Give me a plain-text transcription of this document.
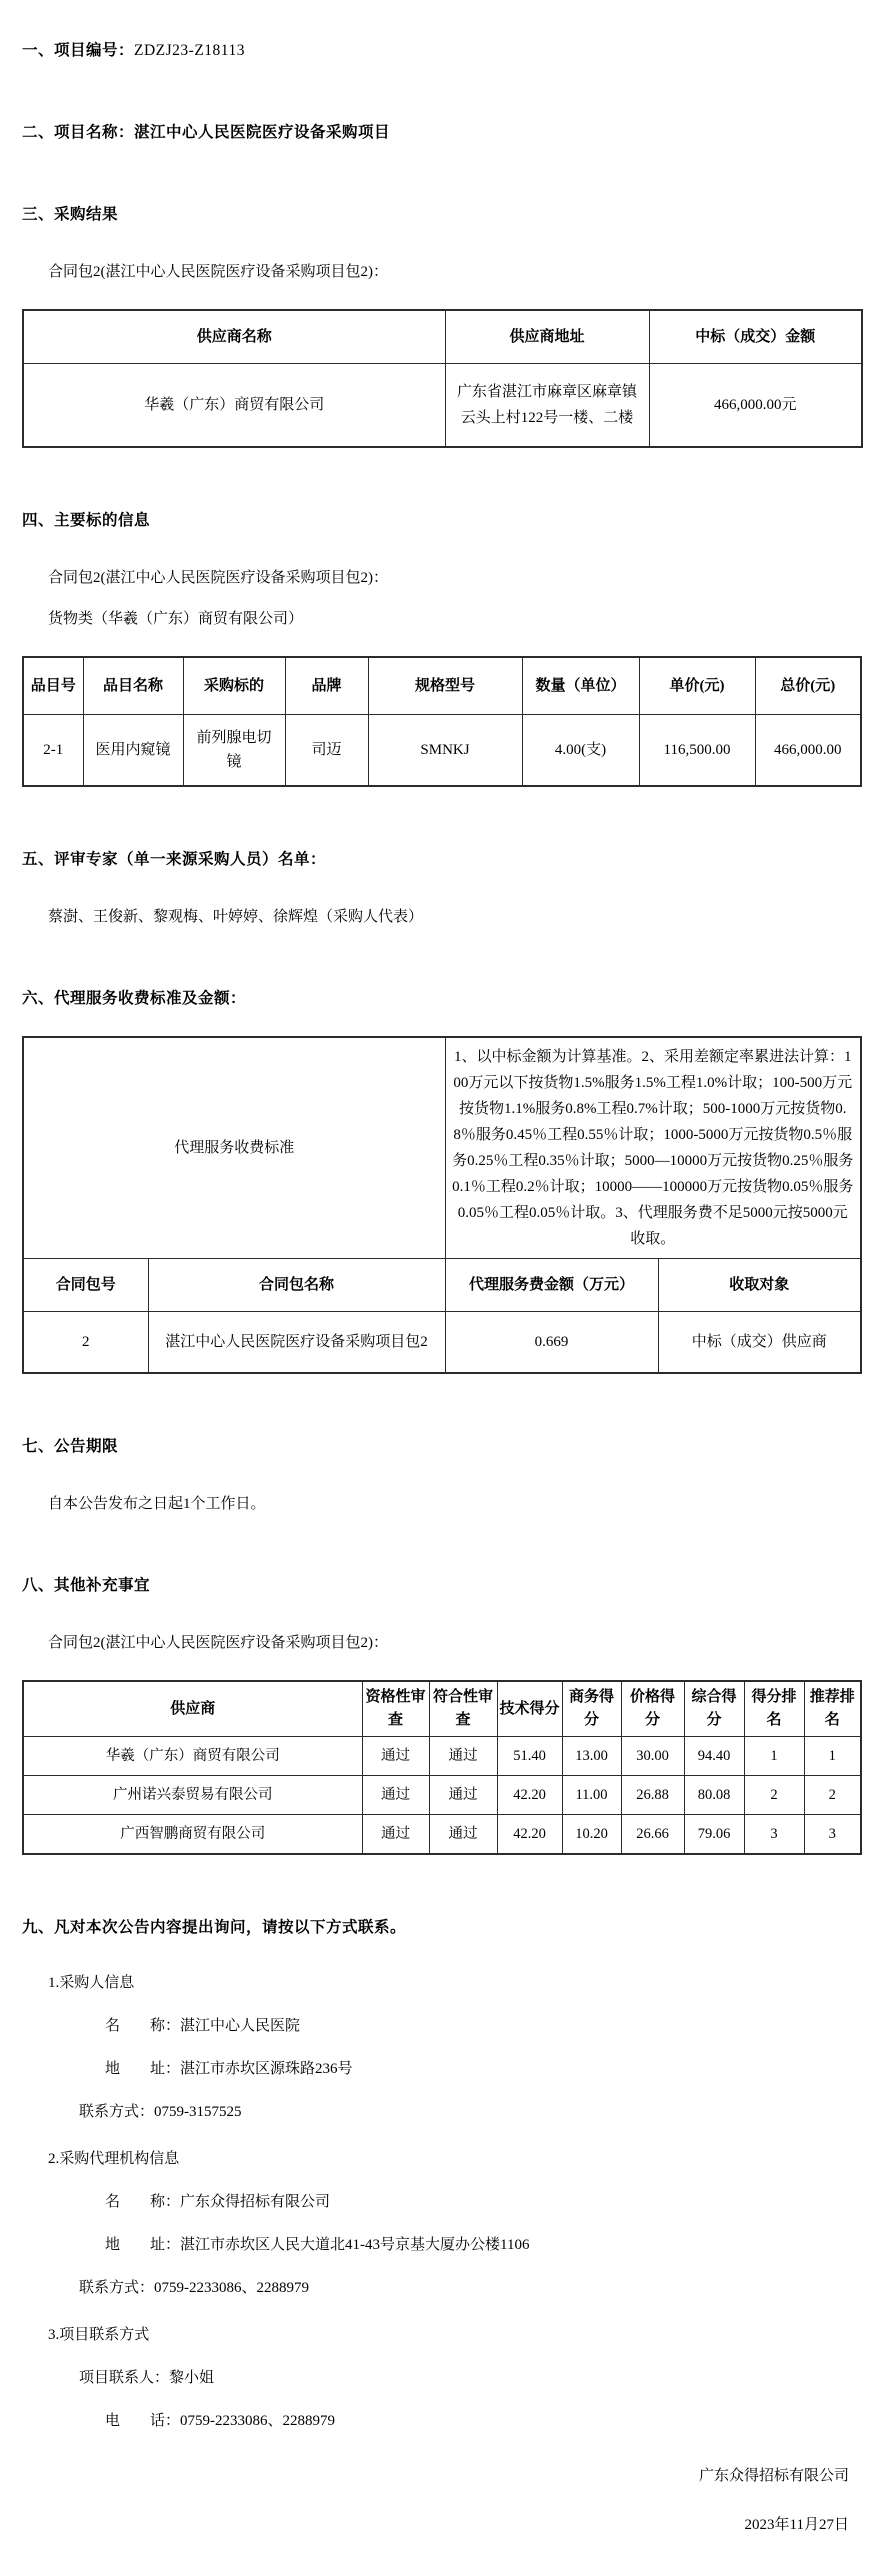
一、项目编号：ZDZJ23-Z18113

二、项目名称：湛江中心人民医院医疗设备采购项目

三、采购结果

合同包2(湛江中心人民医院医疗设备采购项目包2)：
供应商名称	供应商地址	中标（成交）金额
华羲（广东）商贸有限公司	广东省湛江市麻章区麻章镇云头上村122号一楼、二楼	466,000.00元

四、主要标的信息

合同包2(湛江中心人民医院医疗设备采购项目包2)：
货物类（华羲（广东）商贸有限公司）
品目号	品目名称	采购标的	品牌	规格型号	数量（单位）	单价(元)	总价(元)
2-1	医用内窥镜	前列腺电切镜	司迈	SMNKJ	4.00(支)	116,500.00	466,000.00

五、评审专家（单一来源采购人员）名单：

蔡澍、王俊新、黎观梅、叶婷婷、徐辉煌（采购人代表）

六、代理服务收费标准及金额：

代理服务收费标准		1、以中标金额为计算基准。2、采用差额定率累进法计算：100万元以下按货物1.5%服务1.5%工程1.0%计取；100-500万元按货物1.1%服务0.8%工程0.7%计取；500-1000万元按货物0.8％服务0.45％工程0.55％计取；1000-5000万元按货物0.5％服务0.25％工程0.35％计取；5000—10000万元按货物0.25％服务0.1％工程0.2％计取；10000——100000万元按货物0.05％服务0.05％工程0.05％计取。3、代理服务费不足5000元按5000元收取。	
合同包号	合同包名称	代理服务费金额（万元）	收取对象
2	湛江中心人民医院医疗设备采购项目包2	0.669	中标（成交）供应商

七、公告期限

自本公告发布之日起1个工作日。

八、其他补充事宜

合同包2(湛江中心人民医院医疗设备采购项目包2)：
供应商	资格性审查	符合性审查	技术得分	商务得分	价格得分	综合得分	得分排名	推荐排名
华羲（广东）商贸有限公司	通过	通过	51.40	13.00	30.00	94.40	1	1
广州诺兴泰贸易有限公司	通过	通过	42.20	11.00	26.88	80.08	2	2
广西智鹏商贸有限公司	通过	通过	42.20	10.20	26.66	79.06	3	3

九、凡对本次公告内容提出询问，请按以下方式联系。

1.采购人信息
名　　称：湛江中心人民医院
地　　址：湛江市赤坎区源珠路236号
联系方式：0759-3157525
2.采购代理机构信息
名　　称：广东众得招标有限公司
地　　址：湛江市赤坎区人民大道北41-43号京基大厦办公楼1106
联系方式：0759-2233086、2288979
3.项目联系方式
项目联系人：黎小姐
电　　话：0759-2233086、2288979
广东众得招标有限公司
2023年11月27日
